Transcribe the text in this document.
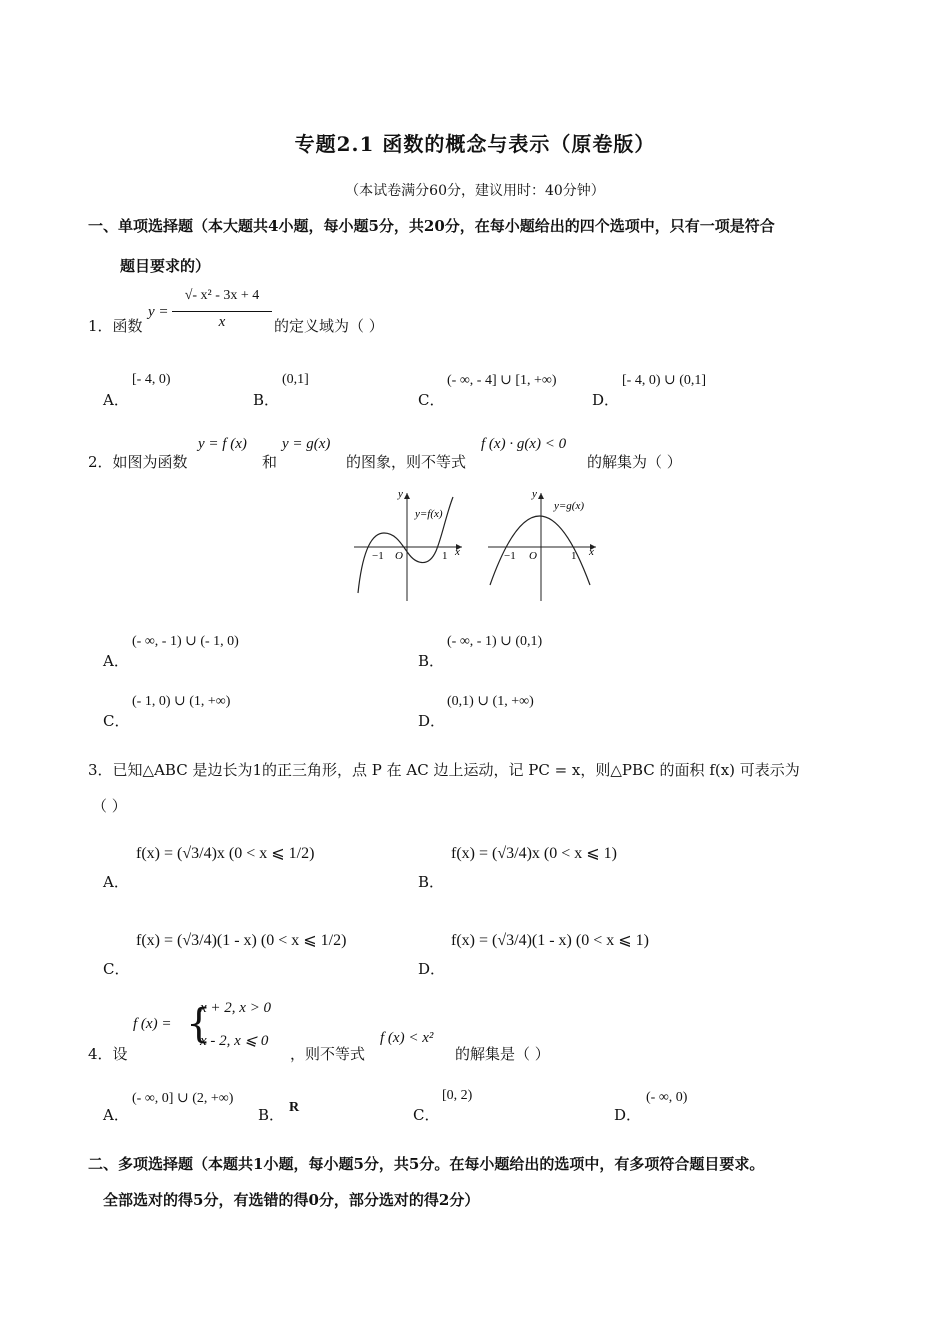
专题2.1 函数的概念与表示（原卷版）
（本试卷满分60分，建议用时：40分钟）
一、单项选择题（本大题共4小题，每小题5分，共20分，在每小题给出的四个选项中，只有一项是符合
题目要求的）
1．函数
y =
√- x² - 3x + 4
x	的定义域为（ ）
A．
[- 4, 0)
B．
(0,1]
C．
(- ∞, - 4] ∪ [1, +∞)
D．
[- 4, 0) ∪ (0,1]
2．如图为函数
y = f (x)
和
y = g(x)
的图象，则不等式
f (x) · g(x) < 0
的解集为（ ）
y
x
y=f(x)
−1 O	1
y
x
y=g(x)
−1 O	1
A．
(- ∞, - 1) ∪ (- 1, 0)
B．
(- ∞, - 1) ∪ (0,1)
C．
(- 1, 0) ∪ (1, +∞)
D．
(0,1) ∪ (1, +∞)
3．已知△ABC 是边长为1的正三角形，点 P 在 AC 边上运动，记 PC = x，则△PBC 的面积 f(x) 可表示为
（ ）
A．
f(x) = (√3/4)x (0 < x ⩽ 1/2)
B．
f(x) = (√3/4)x (0 < x ⩽ 1)
C．
f(x) = (√3/4)(1 - x) (0 < x ⩽ 1/2)
D．
f(x) = (√3/4)(1 - x) (0 < x ⩽ 1)
4．设
f (x) = {
x + 2, x > 0
x - 2, x ⩽ 0
，则不等式
f (x) < x²
的解集是（ ）
A．
(- ∞, 0] ∪ (2, +∞)
B． R	C．
[0, 2)
D．
(- ∞, 0)
二、多项选择题（本题共1小题，每小题5分，共5分。在每小题给出的选项中，有多项符合题目要求。
全部选对的得5分，有选错的得0分，部分选对的得2分）
